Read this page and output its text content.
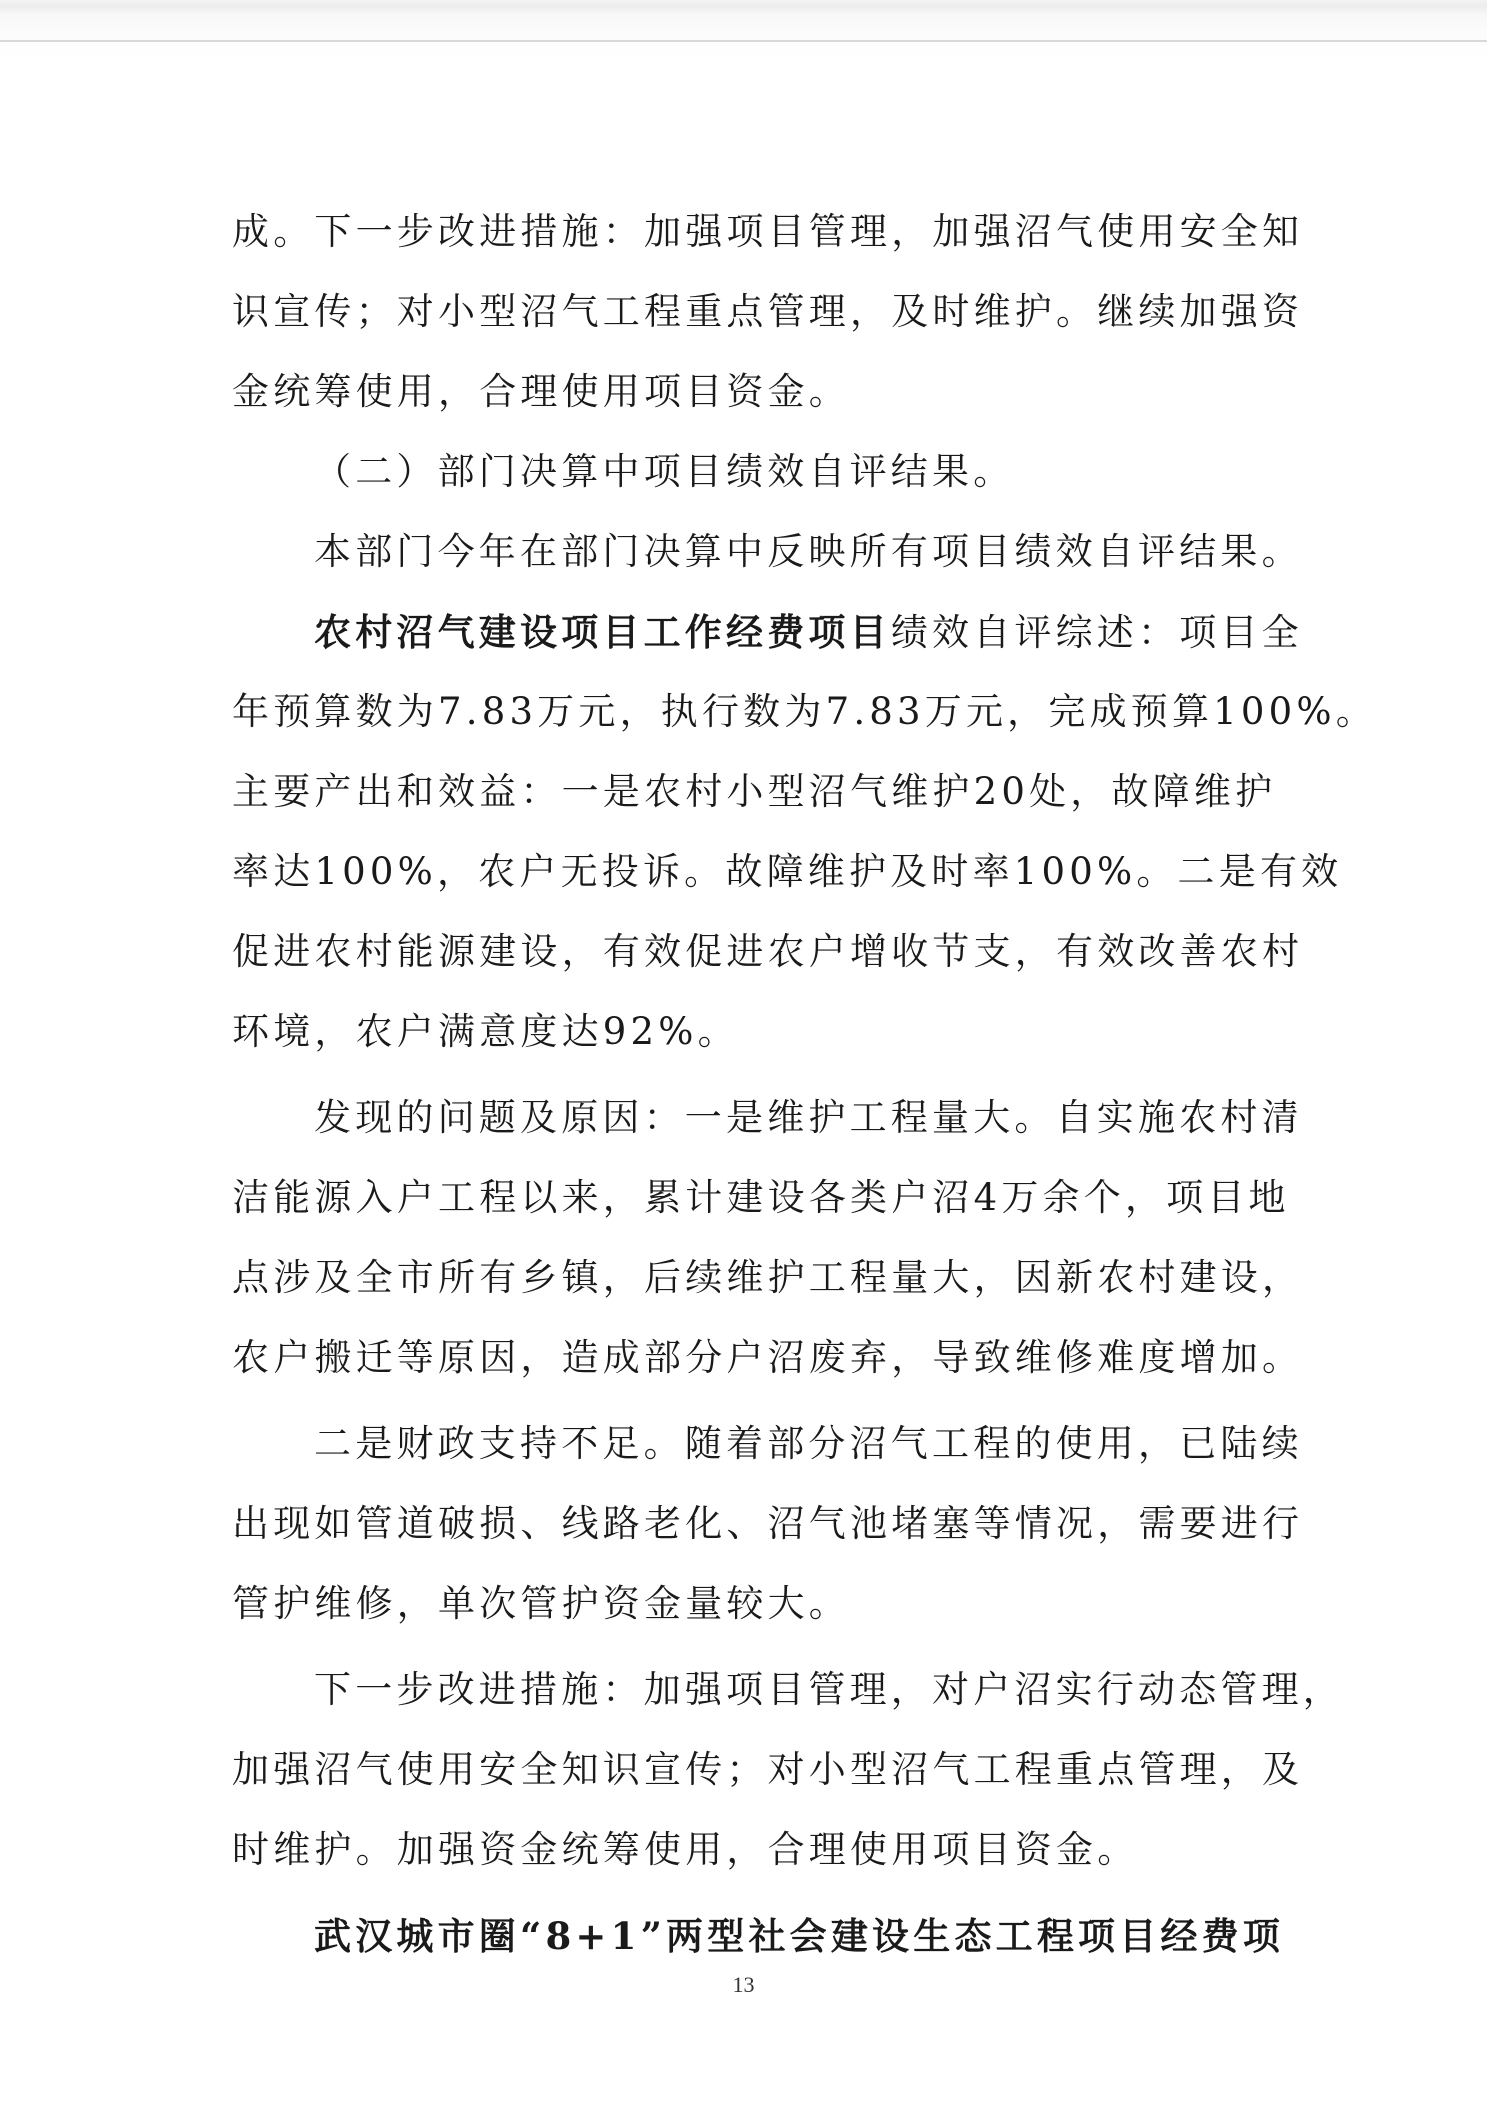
成。下一步改进措施：加强项目管理，加强沼气使用安全知
识宣传；对小型沼气工程重点管理，及时维护。继续加强资
金统筹使用，合理使用项目资金。
（二）部门决算中项目绩效自评结果。
本部门今年在部门决算中反映所有项目绩效自评结果。
农村沼气建设项目工作经费项目绩效自评综述：项目全
年预算数为7.83万元，执行数为7.83万元，完成预算100%。
主要产出和效益：一是农村小型沼气维护20处，故障维护
率达100%，农户无投诉。故障维护及时率100%。二是有效
促进农村能源建设，有效促进农户增收节支，有效改善农村
环境，农户满意度达92%。
发现的问题及原因：一是维护工程量大。自实施农村清
洁能源入户工程以来，累计建设各类户沼4万余个，项目地
点涉及全市所有乡镇，后续维护工程量大，因新农村建设，
农户搬迁等原因，造成部分户沼废弃，导致维修难度增加。
二是财政支持不足。随着部分沼气工程的使用，已陆续
出现如管道破损、线路老化、沼气池堵塞等情况，需要进行
管护维修，单次管护资金量较大。
下一步改进措施：加强项目管理，对户沼实行动态管理，
加强沼气使用安全知识宣传；对小型沼气工程重点管理，及
时维护。加强资金统筹使用，合理使用项目资金。
武汉城市圈“8+1”两型社会建设生态工程项目经费项
13
